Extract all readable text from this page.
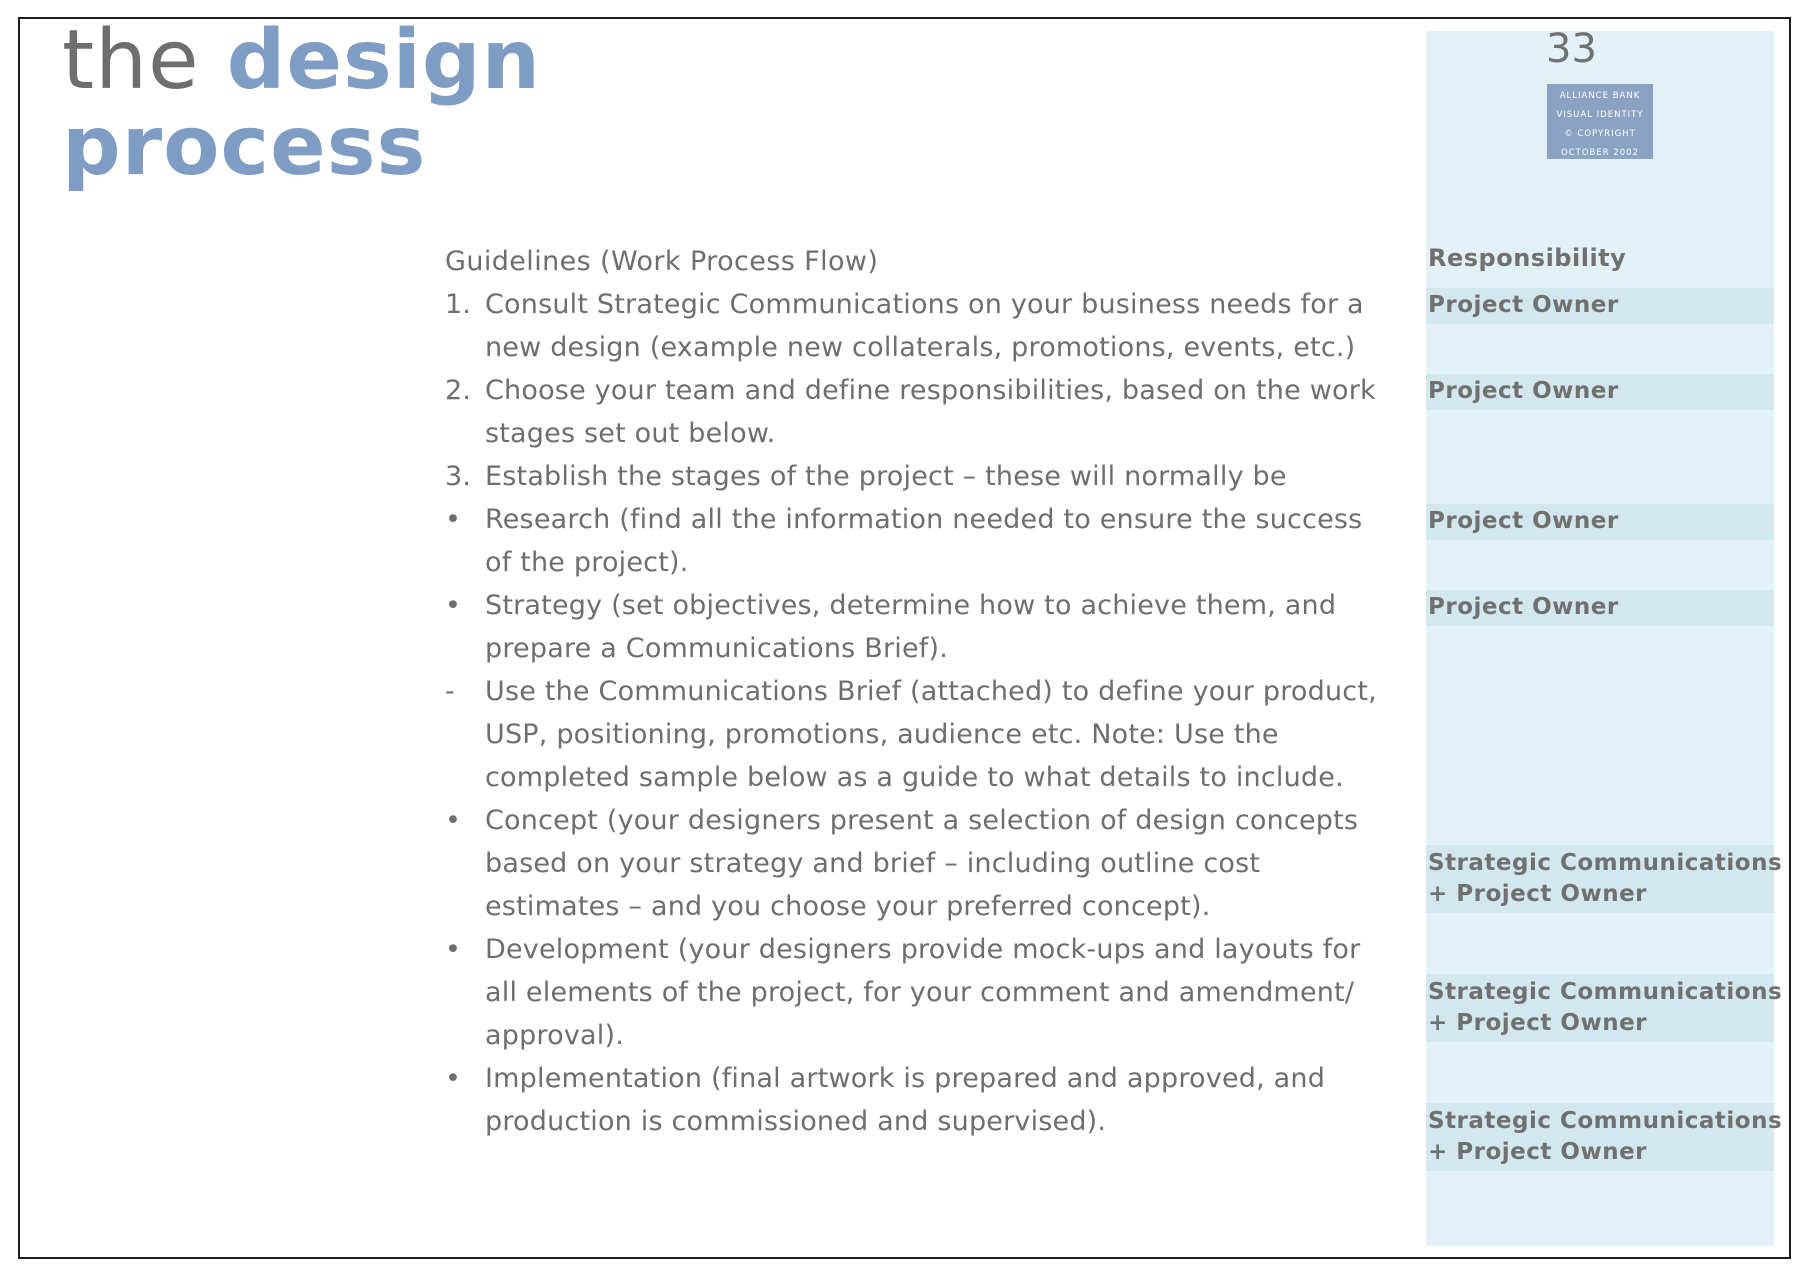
the design
process
33
ALLIANCE BANK
VISUAL IDENTITY
© COPYRIGHT
OCTOBER 2002
Guidelines (Work Process Flow)
1. Consult Strategic Communications on your business needs for a new design (example new collaterals, promotions, events, etc.)
2. Choose your team and define responsibilities, based on the work stages set out below.
3. Establish the stages of the project – these will normally be
• Research (find all the information needed to ensure the success of the project).
• Strategy (set objectives, determine how to achieve them, and prepare a Communications Brief).
- Use the Communications Brief (attached) to define your product, USP, positioning, promotions, audience etc. Note: Use the completed sample below as a guide to what details to include.
• Concept (your designers present a selection of design concepts based on your strategy and brief – including outline cost estimates – and you choose your preferred concept).
• Development (your designers provide mock-ups and layouts for all elements of the project, for your comment and amendment/ approval).
• Implementation (final artwork is prepared and approved, and production is commissioned and supervised).
Responsibility
Project Owner
Project Owner
Project Owner
Project Owner
Strategic Communications
+ Project Owner
Strategic Communications
+ Project Owner
Strategic Communications
+ Project Owner
